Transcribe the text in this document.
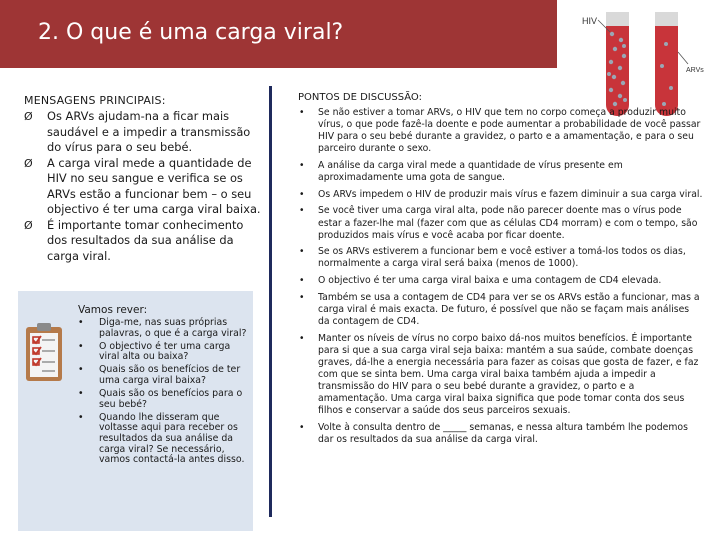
2. O que é uma carga viral?	HIV
ARVs
MENSAGENS PRINCIPAIS:
Ø Os ARVs ajudam-na a ficar mais saudável e a impedir a transmissão do vírus para o seu bebé.
Ø A carga viral mede a quantidade de HIV no seu sangue e verifica se os ARVs estão a funcionar bem – o seu objectivo é ter uma carga viral baixa.
Ø É importante tomar conhecimento dos resultados da sua análise da carga viral.
Vamos rever:
• Diga-me, nas suas próprias palavras, o que é a carga viral?
• O objectivo é ter uma carga viral alta ou baixa?
• Quais são os benefícios de ter uma carga viral baixa?
• Quais são os benefícios para o seu bebé?
• Quando lhe disseram que voltasse aqui para receber os resultados da sua análise da carga viral? Se necessário, vamos contactá-la antes disso.
PONTOS DE DISCUSSÃO:
• Se não estiver a tomar ARVs, o HIV que tem no corpo começa a produzir muito vírus, o que pode fazê-la doente e pode aumentar a probabilidade de você passar HIV para o seu bebé durante a gravidez, o parto e a amamentação, e para o seu parceiro durante o sexo.
• A análise da carga viral mede a quantidade de vírus presente em aproximadamente uma gota de sangue.
• Os ARVs impedem o HIV de produzir mais vírus e fazem diminuir a sua carga viral.
• Se você tiver uma carga viral alta, pode não parecer doente mas o vírus pode estar a fazer-lhe mal (fazer com que as células CD4 morram) e com o tempo, são produzidos mais vírus e você acaba por ficar doente.
• Se os ARVs estiverem a funcionar bem e você estiver a tomá-los todos os dias, normalmente a carga viral será baixa (menos de 1000).
• O objectivo é ter uma carga viral baixa e uma contagem de CD4 elevada.
• Também se usa a contagem de CD4 para ver se os ARVs estão a funcionar, mas a carga viral é mais exacta. De futuro, é possível que não se façam mais análises da contagem de CD4.
• Manter os níveis de vírus no corpo baixo dá-nos muitos benefícios. É importante para si que a sua carga viral seja baixa: mantém a sua saúde, combate doenças graves, dá-lhe a energia necessária para fazer as coisas que gosta de fazer, e faz com que se sinta bem. Uma carga viral baixa também ajuda a impedir a transmissão do HIV para o seu bebé durante a gravidez, o parto e a amamentação. Uma carga viral baixa significa que pode tomar conta dos seus filhos e conservar a saúde dos seus parceiros sexuais.
• Volte à consulta dentro de _____ semanas, e nessa altura também lhe podemos dar os resultados da sua análise da carga viral.
